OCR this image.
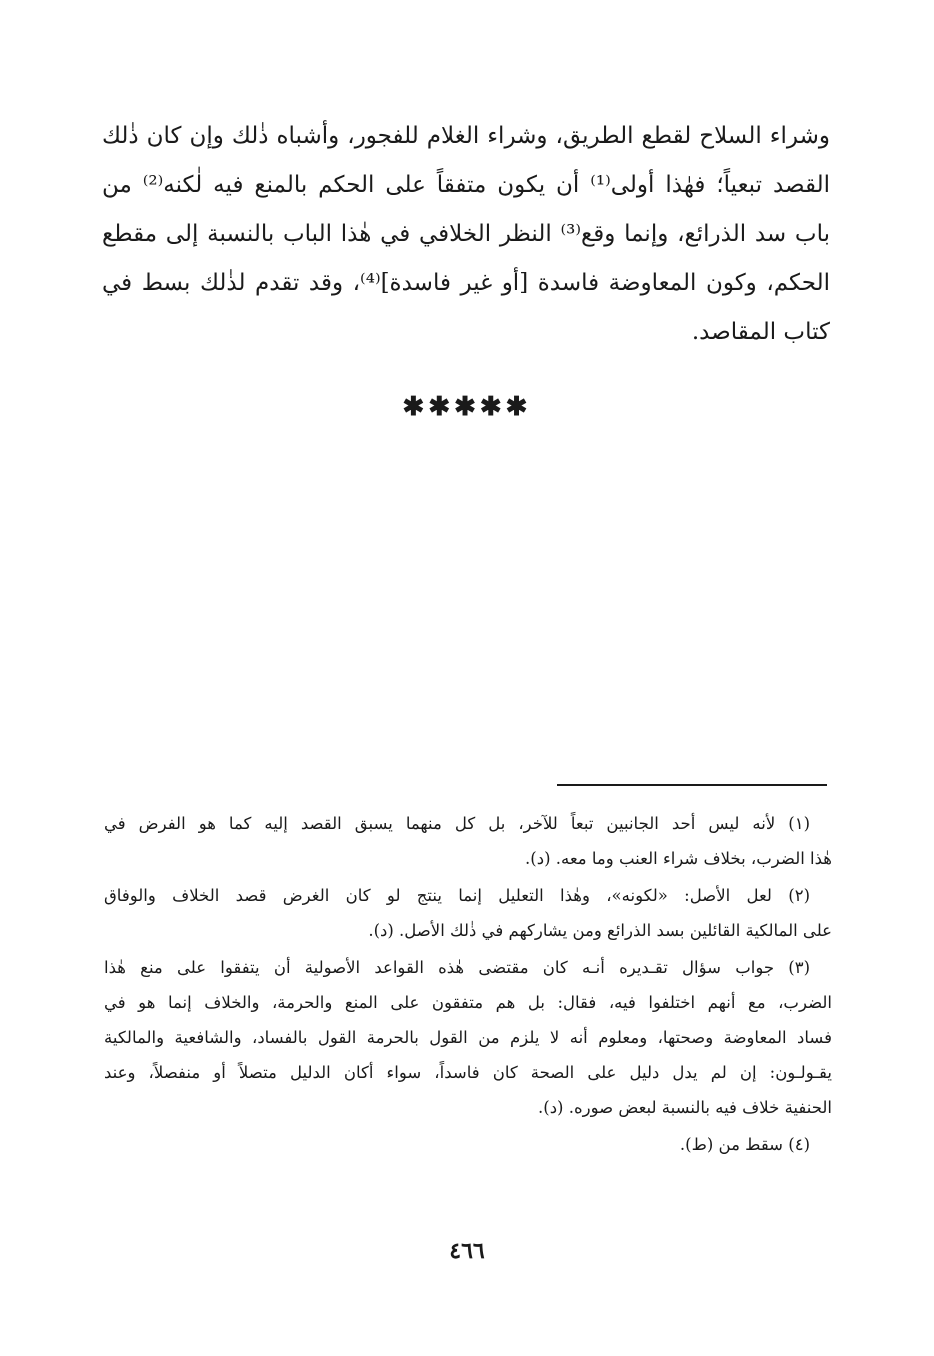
وشراء السلاح لقطع الطريق، وشراء الغلام للفجور، وأشباه ذٰلك وإن كان ذٰلك
القصد تبعياً؛ فهٰذا أولى⁽¹⁾ أن يكون متفقاً على الحكم بالمنع فيه لٰكنه⁽²⁾ من
باب سد الذرائع، وإنما وقع⁽³⁾ النظر الخلافي في هٰذا الباب بالنسبة إلى مقطع
الحكم، وكون المعاوضة فاسدة [أو غير فاسدة]⁽⁴⁾، وقد تقدم لذٰلك بسط في
كتاب المقاصد.
✱✱✱✱✱
(١) لأنه ليس أحد الجانبين تبعاً للآخر، بل كل منهما يسبق القصد إليه كما هو الفرض في
هٰذا الضرب، بخلاف شراء العنب وما معه. (د).
(٢) لعل الأصل: «لكونه»، وهٰذا التعليل إنما ينتج لو كان الغرض قصد الخلاف والوفاق
على المالكية القائلين بسد الذرائع ومن يشاركهم في ذٰلك الأصل. (د).
(٣) جواب سؤال تقـديره أنـه كان مقتضى هٰذه القواعد الأصولية أن يتفقوا على منع هٰذا
الضرب، مع أنهم اختلفوا فيه، فقال: بل هم متفقون على المنع والحرمة، والخلاف إنما هو في
فساد المعاوضة وصحتها، ومعلوم أنه لا يلزم من القول بالحرمة القول بالفساد، والشافعية والمالكية
يقـولـون: إن لم يدل دليل على الصحة كان فاسداً، سواء أكان الدليل متصلاً أو منفصلاً، وعند
الحنفية خلاف فيه بالنسبة لبعض صوره. (د).
(٤) سقط من (ط).
٤٦٦
